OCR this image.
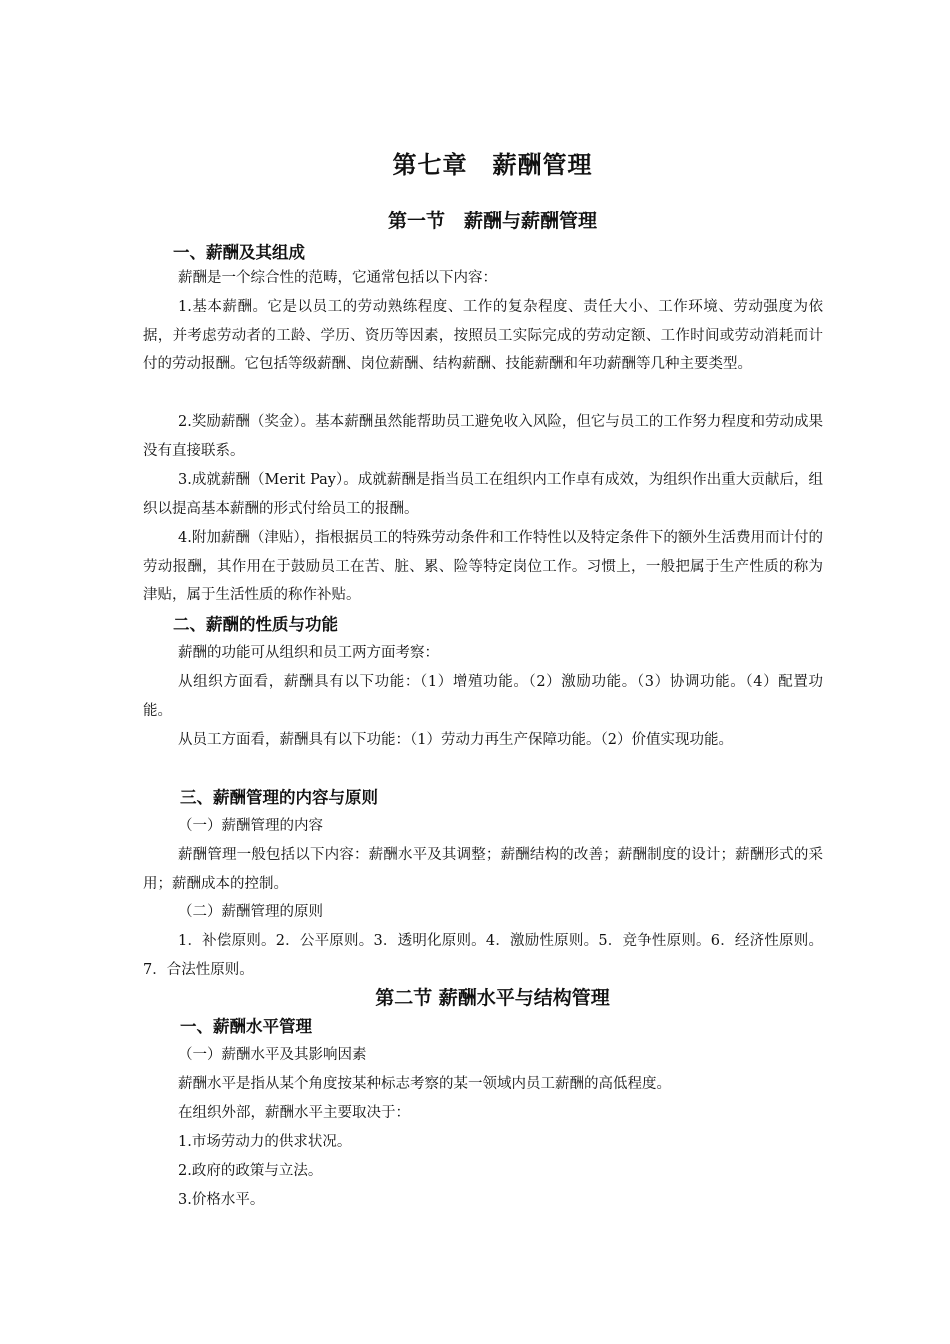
第七章　薪酬管理
第一节　薪酬与薪酬管理
一、薪酬及其组成

薪酬是一个综合性的范畴，它通常包括以下内容：

1.基本薪酬。它是以员工的劳动熟练程度、工作的复杂程度、责任大小、工作环境、劳动强度为依据，并考虑劳动者的工龄、学历、资历等因素，按照员工实际完成的劳动定额、工作时间或劳动消耗而计付的劳动报酬。它包括等级薪酬、岗位薪酬、结构薪酬、技能薪酬和年功薪酬等几种主要类型。

2.奖励薪酬（奖金）。基本薪酬虽然能帮助员工避免收入风险，但它与员工的工作努力程度和劳动成果没有直接联系。

3.成就薪酬（Merit Pay）。成就薪酬是指当员工在组织内工作卓有成效，为组织作出重大贡献后，组织以提高基本薪酬的形式付给员工的报酬。

4.附加薪酬（津贴），指根据员工的特殊劳动条件和工作特性以及特定条件下的额外生活费用而计付的劳动报酬，其作用在于鼓励员工在苦、脏、累、险等特定岗位工作。习惯上，一般把属于生产性质的称为津贴，属于生活性质的称作补贴。

二、薪酬的性质与功能

薪酬的功能可从组织和员工两方面考察：

从组织方面看，薪酬具有以下功能：（1）增殖功能。（2）激励功能。（3）协调功能。（4）配置功能。

从员工方面看，薪酬具有以下功能：（1）劳动力再生产保障功能。（2）价值实现功能。

三、薪酬管理的内容与原则

（一）薪酬管理的内容

薪酬管理一般包括以下内容：薪酬水平及其调整；薪酬结构的改善；薪酬制度的设计；薪酬形式的采用；薪酬成本的控制。

（二）薪酬管理的原则

1．补偿原则。2．公平原则。3．透明化原则。4．激励性原则。5．竞争性原则。6．经济性原则。7．合法性原则。

第二节 薪酬水平与结构管理
一、薪酬水平管理

（一）薪酬水平及其影响因素

薪酬水平是指从某个角度按某种标志考察的某一领域内员工薪酬的高低程度。

在组织外部，薪酬水平主要取决于：

1.市场劳动力的供求状况。

2.政府的政策与立法。

3.价格水平。
